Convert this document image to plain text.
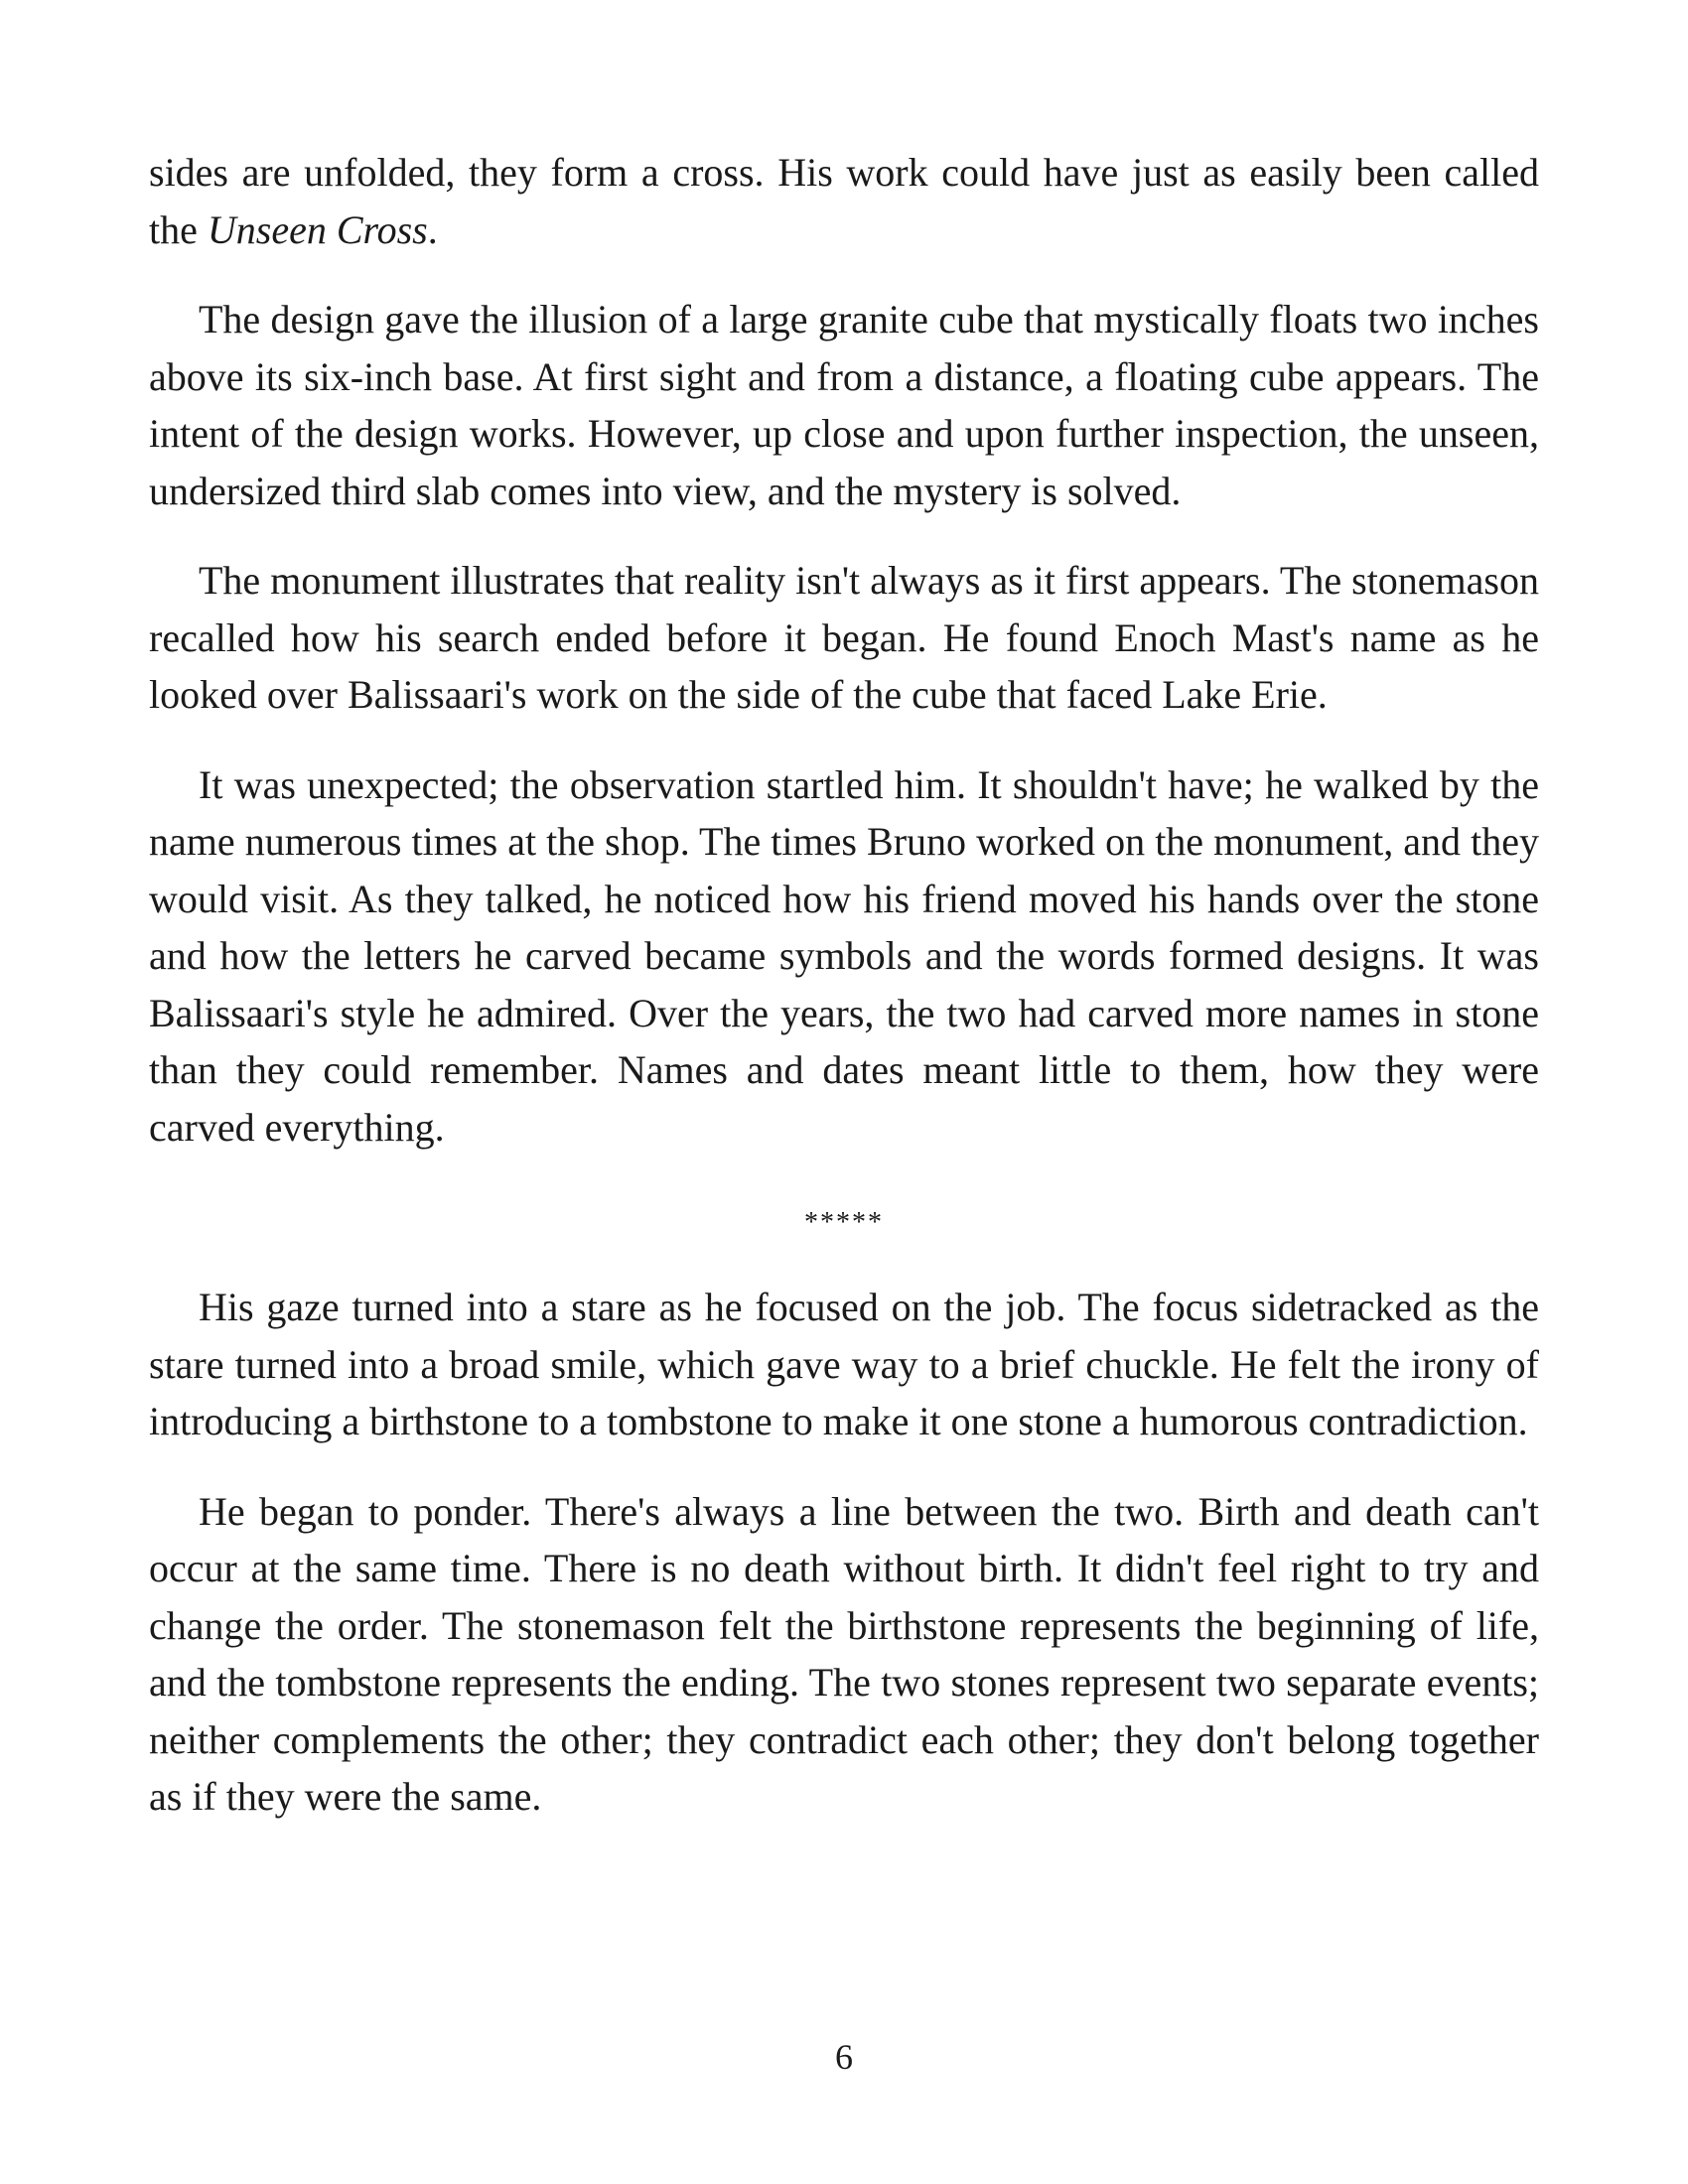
sides are unfolded, they form a cross. His work could have just as easily been called the Unseen Cross.

The design gave the illusion of a large granite cube that mystically floats two inches above its six-inch base. At first sight and from a distance, a floating cube appears. The intent of the design works. However, up close and upon further inspection, the unseen, undersized third slab comes into view, and the mystery is solved.

The monument illustrates that reality isn't always as it first appears. The stonemason recalled how his search ended before it began. He found Enoch Mast's name as he looked over Balissaari's work on the side of the cube that faced Lake Erie.

It was unexpected; the observation startled him. It shouldn't have; he walked by the name numerous times at the shop. The times Bruno worked on the monument, and they would visit. As they talked, he noticed how his friend moved his hands over the stone and how the letters he carved became symbols and the words formed designs. It was Balissaari's style he admired. Over the years, the two had carved more names in stone than they could remember. Names and dates meant little to them, how they were carved everything.

*****

His gaze turned into a stare as he focused on the job. The focus sidetracked as the stare turned into a broad smile, which gave way to a brief chuckle. He felt the irony of introducing a birthstone to a tombstone to make it one stone a humorous contradiction.

He began to ponder. There's always a line between the two. Birth and death can't occur at the same time. There is no death without birth. It didn't feel right to try and change the order. The stonemason felt the birthstone represents the beginning of life, and the tombstone represents the ending. The two stones represent two separate events; neither complements the other; they contradict each other; they don't belong together as if they were the same.

6
